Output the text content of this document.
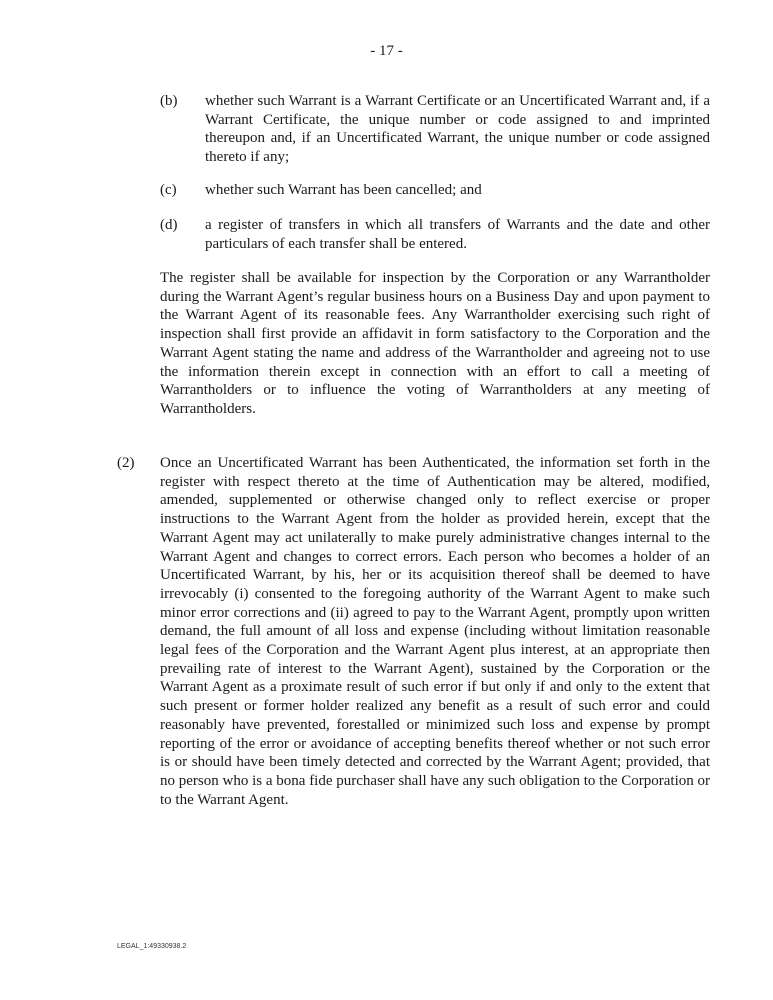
- 17 -
(b) whether such Warrant is a Warrant Certificate or an Uncertificated Warrant and, if a Warrant Certificate, the unique number or code assigned to and imprinted thereupon and, if an Uncertificated Warrant, the unique number or code assigned thereto if any;
(c) whether such Warrant has been cancelled; and
(d) a register of transfers in which all transfers of Warrants and the date and other particulars of each transfer shall be entered.
The register shall be available for inspection by the Corporation or any Warrantholder during the Warrant Agent’s regular business hours on a Business Day and upon payment to the Warrant Agent of its reasonable fees. Any Warrantholder exercising such right of inspection shall first provide an affidavit in form satisfactory to the Corporation and the Warrant Agent stating the name and address of the Warrantholder and agreeing not to use the information therein except in connection with an effort to call a meeting of Warrantholders or to influence the voting of Warrantholders at any meeting of Warrantholders.
(2) Once an Uncertificated Warrant has been Authenticated, the information set forth in the register with respect thereto at the time of Authentication may be altered, modified, amended, supplemented or otherwise changed only to reflect exercise or proper instructions to the Warrant Agent from the holder as provided herein, except that the Warrant Agent may act unilaterally to make purely administrative changes internal to the Warrant Agent and changes to correct errors. Each person who becomes a holder of an Uncertificated Warrant, by his, her or its acquisition thereof shall be deemed to have irrevocably (i) consented to the foregoing authority of the Warrant Agent to make such minor error corrections and (ii) agreed to pay to the Warrant Agent, promptly upon written demand, the full amount of all loss and expense (including without limitation reasonable legal fees of the Corporation and the Warrant Agent plus interest, at an appropriate then prevailing rate of interest to the Warrant Agent), sustained by the Corporation or the Warrant Agent as a proximate result of such error if but only if and only to the extent that such present or former holder realized any benefit as a result of such error and could reasonably have prevented, forestalled or minimized such loss and expense by prompt reporting of the error or avoidance of accepting benefits thereof whether or not such error is or should have been timely detected and corrected by the Warrant Agent; provided, that no person who is a bona fide purchaser shall have any such obligation to the Corporation or to the Warrant Agent.
LEGAL_1:49330938.2
